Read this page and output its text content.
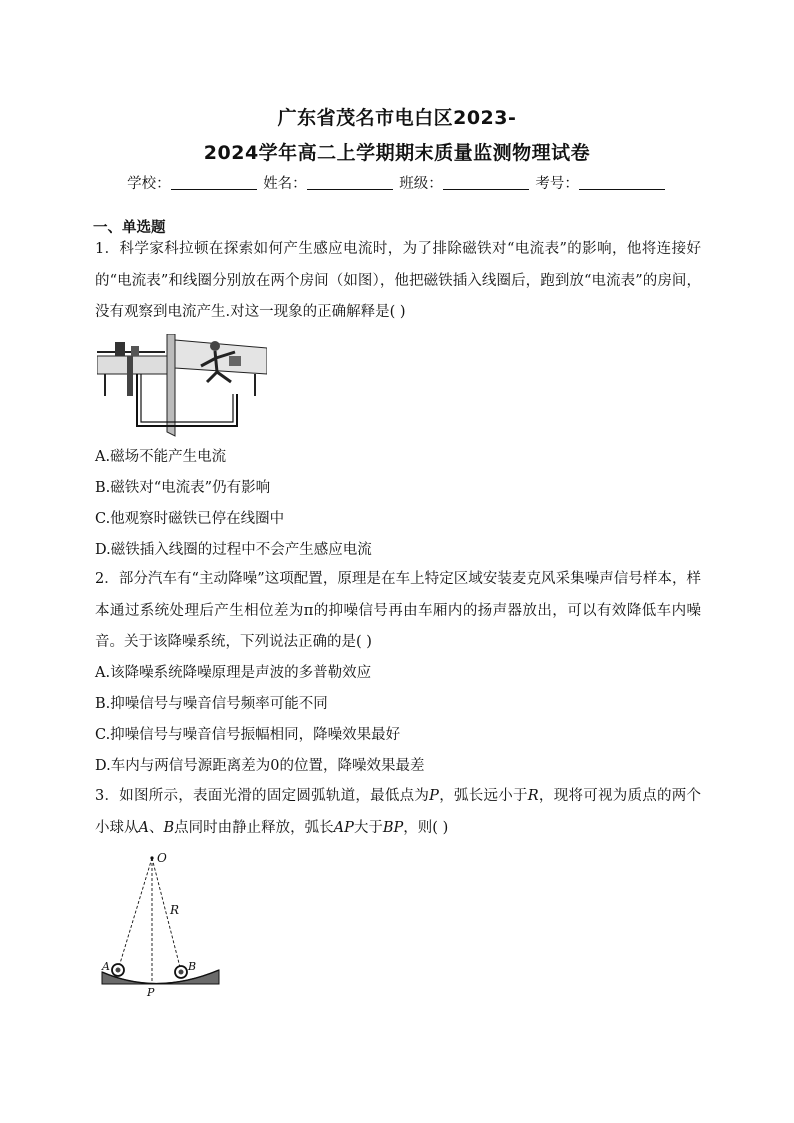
广东省茂名市电白区2023-
2024学年高二上学期期末质量监测物理试卷
学校：	姓名：	班级：	考号：
一、单选题
1．科学家科拉顿在探索如何产生感应电流时，为了排除磁铁对“电流表”的影响，他将连接好的“电流表”和线圈分别放在两个房间（如图），他把磁铁插入线圈后，跑到放“电流表”的房间，没有观察到电流产生.对这一现象的正确解释是( )
A.磁场不能产生电流
B.磁铁对“电流表”仍有影响
C.他观察时磁铁已停在线圈中
D.磁铁插入线圈的过程中不会产生感应电流
2．部分汽车有“主动降噪”这项配置，原理是在车上特定区域安装麦克风采集噪声信号样本，样本通过系统处理后产生相位差为π的抑噪信号再由车厢内的扬声器放出，可以有效降低车内噪音。关于该降噪系统，下列说法正确的是( )
A.该降噪系统降噪原理是声波的多普勒效应
B.抑噪信号与噪音信号频率可能不同
C.抑噪信号与噪音信号振幅相同，降噪效果最好
D.车内与两信号源距离差为0的位置，降噪效果最差
3．如图所示，表面光滑的固定圆弧轨道，最低点为P，弧长远小于R，现将可视为质点的两个小球从A、B点同时由静止释放，弧长AP大于BP，则( )
O
R
A	B
P
